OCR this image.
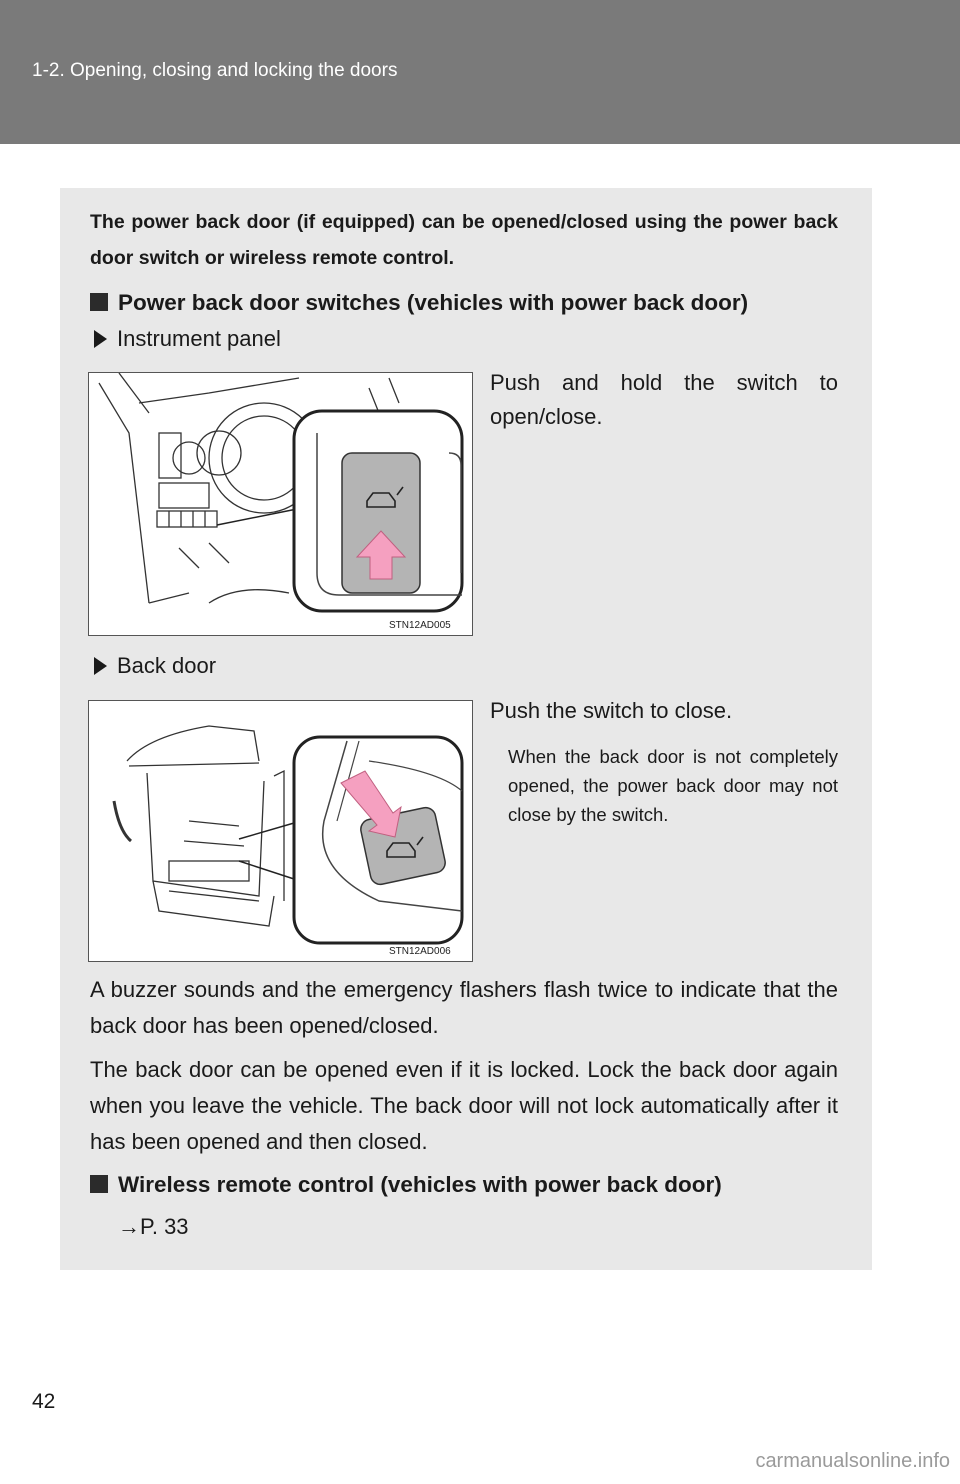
1-2. Opening, closing and locking the doors
The power back door (if equipped) can be opened/closed using the power back door switch or wireless remote control.
Power back door switches (vehicles with power back door)
Instrument panel
STN12AD005
Push and hold the switch to open/close.
Back door
STN12AD006
Push the switch to close.
When the back door is not completely opened, the power back door may not close by the switch.
A buzzer sounds and the emergency flashers flash twice to indicate that the back door has been opened/closed.
The back door can be opened even if it is locked. Lock the back door again when you leave the vehicle. The back door will not lock automatically after it has been opened and then closed.
Wireless remote control (vehicles with power back door)
→P. 33
42
carmanualsonline.info
